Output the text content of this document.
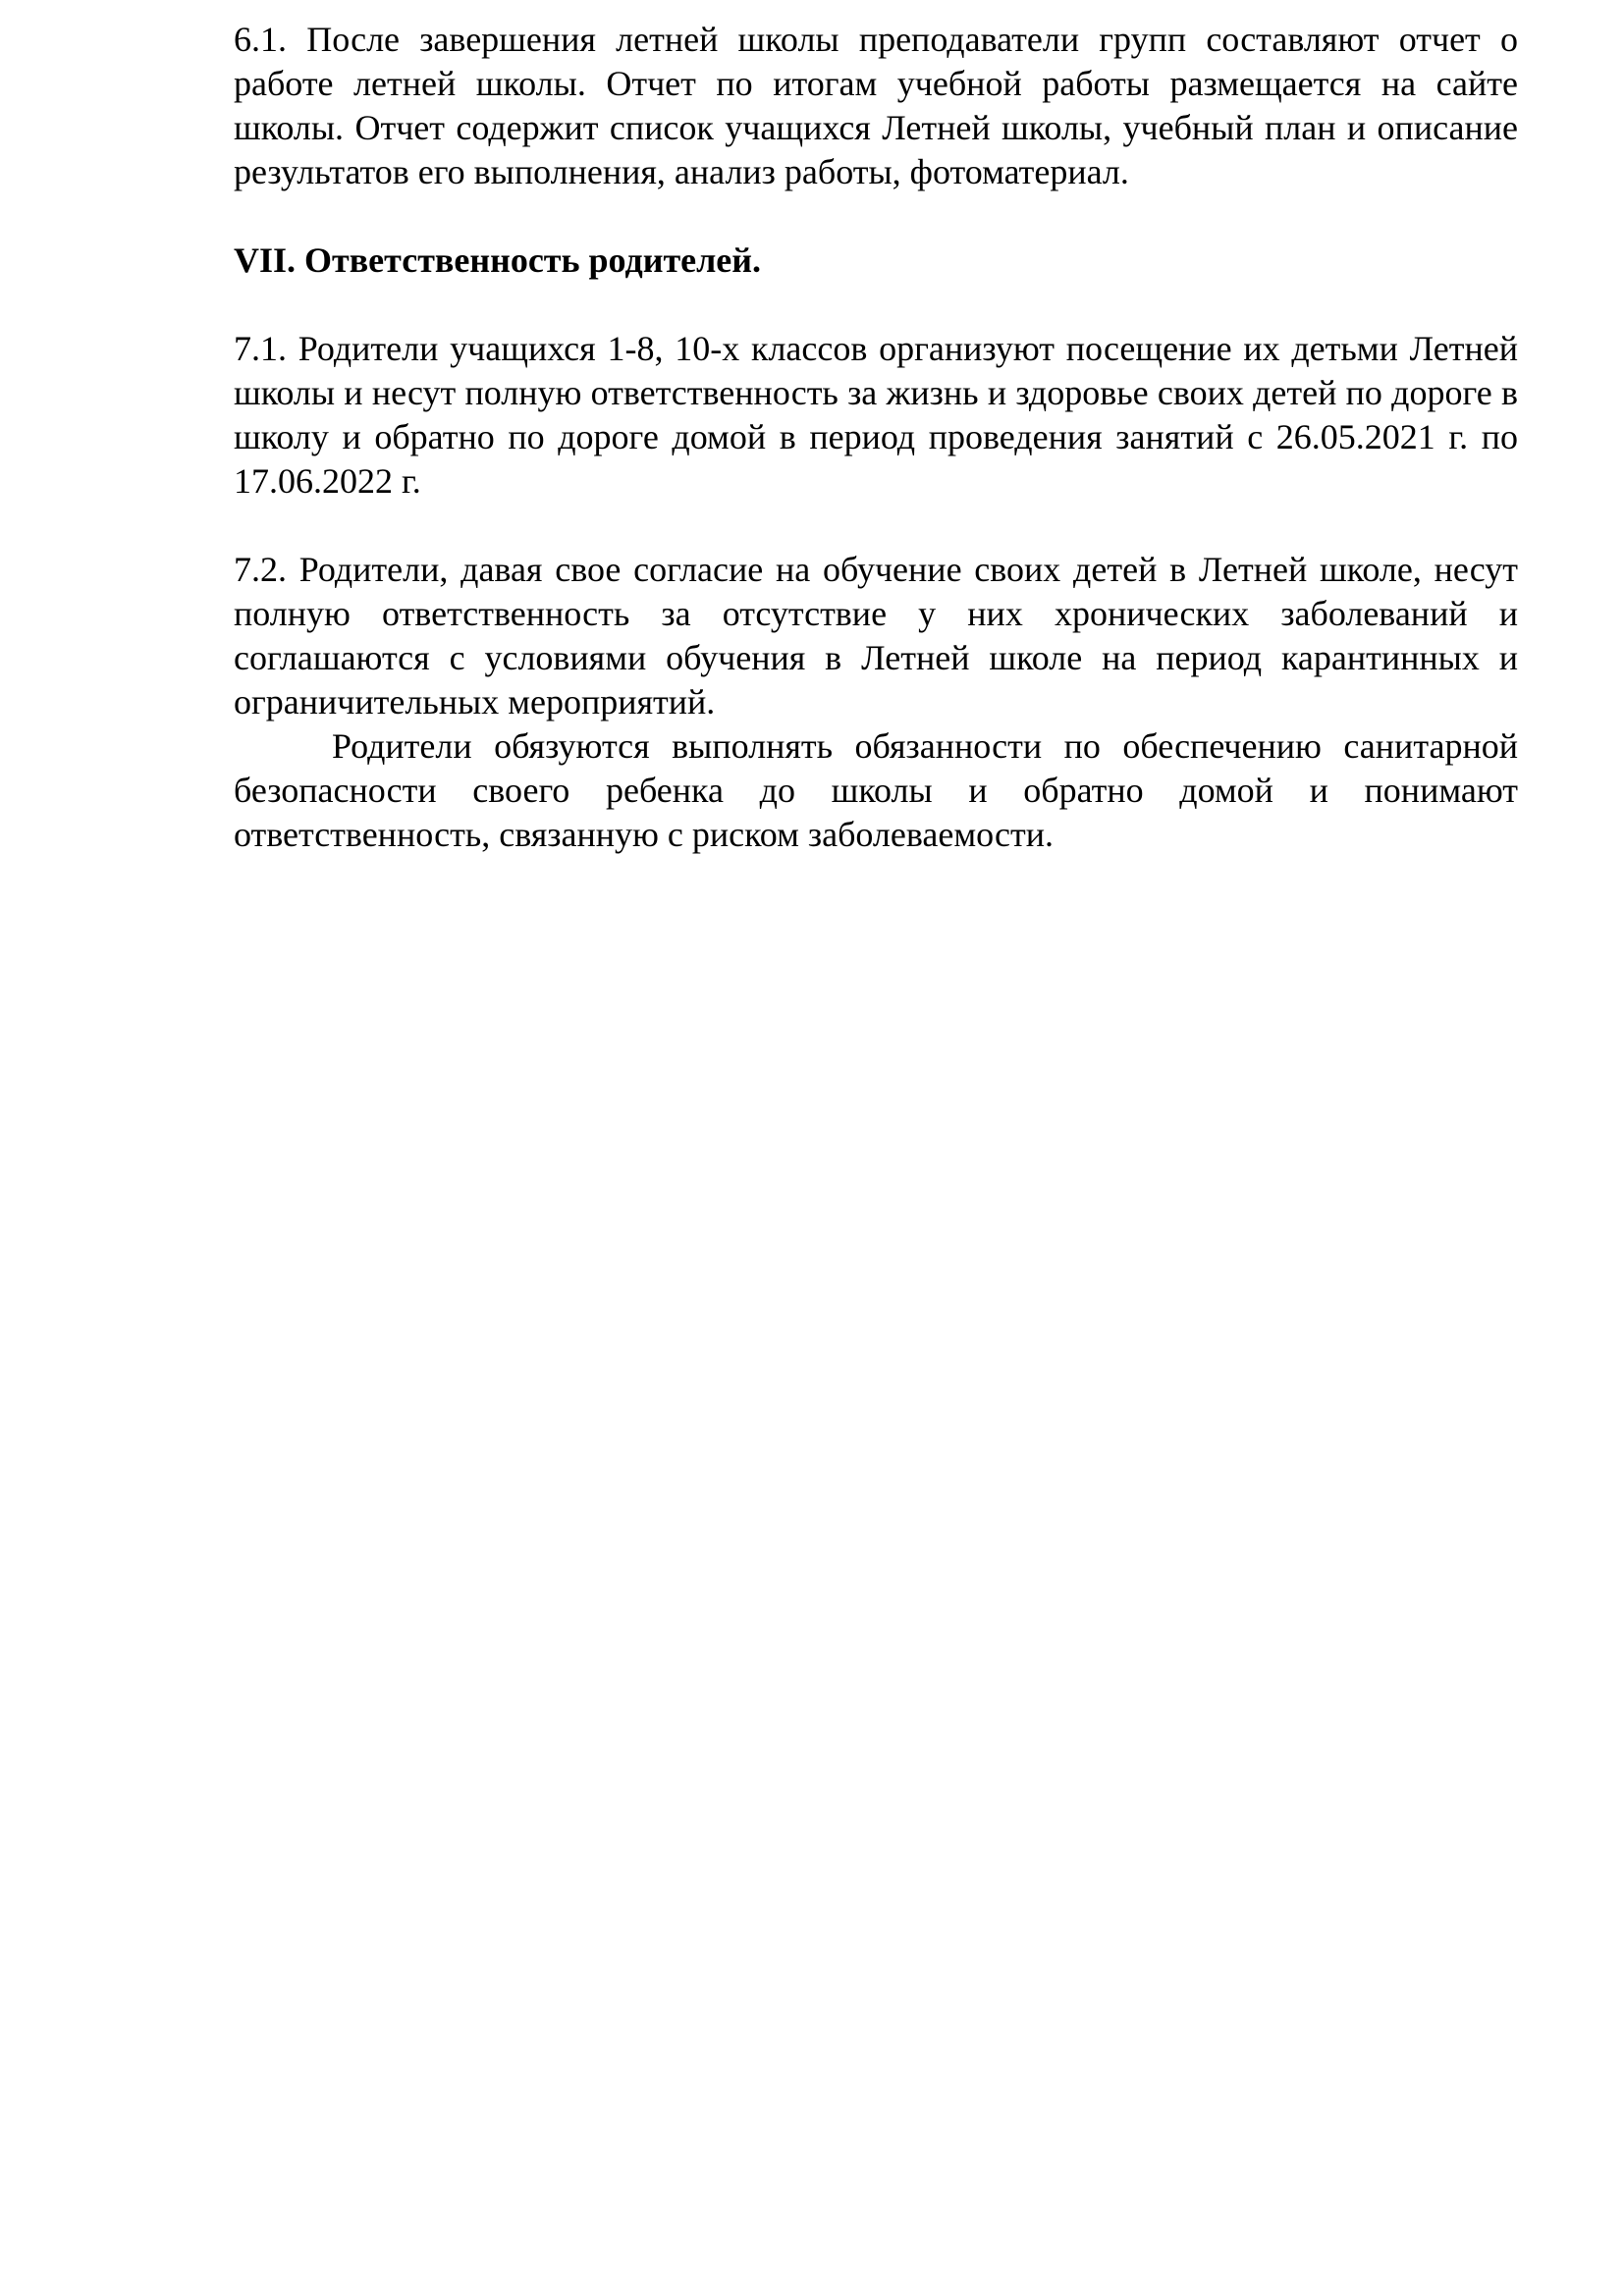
6.1. После завершения летней школы преподаватели групп составляют отчет о работе летней школы. Отчет по итогам учебной работы размещается на сайте школы. Отчет содержит список учащихся Летней школы, учебный план и описание результатов его выполнения, анализ работы, фотоматериал.

VII. Ответственность родителей.

7.1. Родители учащихся 1-8, 10-х классов организуют посещение их детьми Летней школы и несут полную ответственность за жизнь и здоровье своих детей по дороге в школу и обратно по дороге домой в период проведения занятий с 26.05.2021 г. по 17.06.2022 г.

7.2. Родители, давая свое согласие на обучение своих детей в Летней школе, несут полную ответственность за отсутствие у них хронических заболеваний и соглашаются с условиями обучения в Летней школе на период карантинных и ограничительных мероприятий.

Родители обязуются выполнять обязанности по обеспечению санитарной безопасности своего ребенка до школы и обратно домой и понимают ответственность, связанную с риском заболеваемости.
